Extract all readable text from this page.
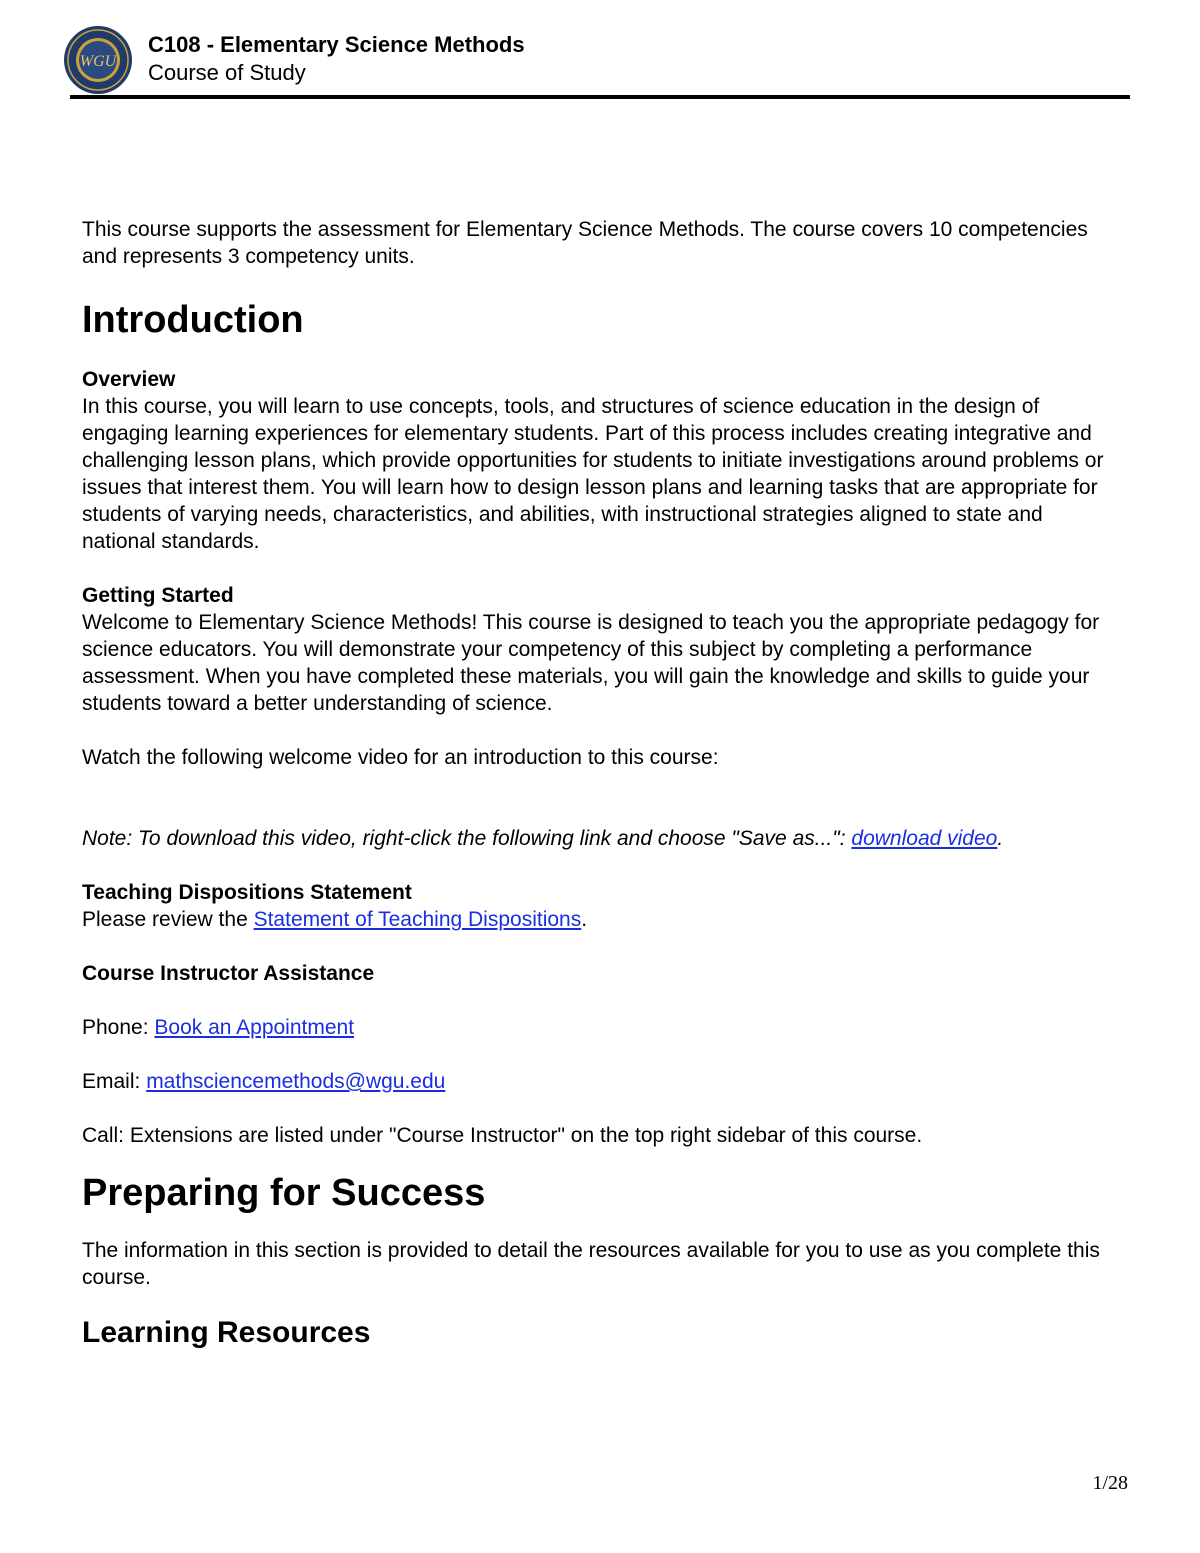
WGU
C108 - Elementary Science Methods
Course of Study

This course supports the assessment for Elementary Science Methods. The course covers 10 competencies and represents 3 competency units.

Introduction
Overview

In this course, you will learn to use concepts, tools, and structures of science education in the design of engaging learning experiences for elementary students. Part of this process includes creating integrative and challenging lesson plans, which provide opportunities for students to initiate investigations around problems or issues that interest them. You will learn how to design lesson plans and learning tasks that are appropriate for students of varying needs, characteristics, and abilities, with instructional strategies aligned to state and national standards.

Getting Started

Welcome to Elementary Science Methods! This course is designed to teach you the appropriate pedagogy for science educators. You will demonstrate your competency of this subject by completing a performance assessment. When you have completed these materials, you will gain the knowledge and skills to guide your students toward a better understanding of science.

Watch the following welcome video for an introduction to this course:

Note: To download this video, right-click the following link and choose "Save as...": download video.

Teaching Dispositions Statement

Please review the Statement of Teaching Dispositions.

Course Instructor Assistance

Phone: Book an Appointment

Email: mathsciencemethods@wgu.edu

Call: Extensions are listed under "Course Instructor" on the top right sidebar of this course.

Preparing for Success

The information in this section is provided to detail the resources available for you to use as you complete this course.

Learning Resources
1/28
